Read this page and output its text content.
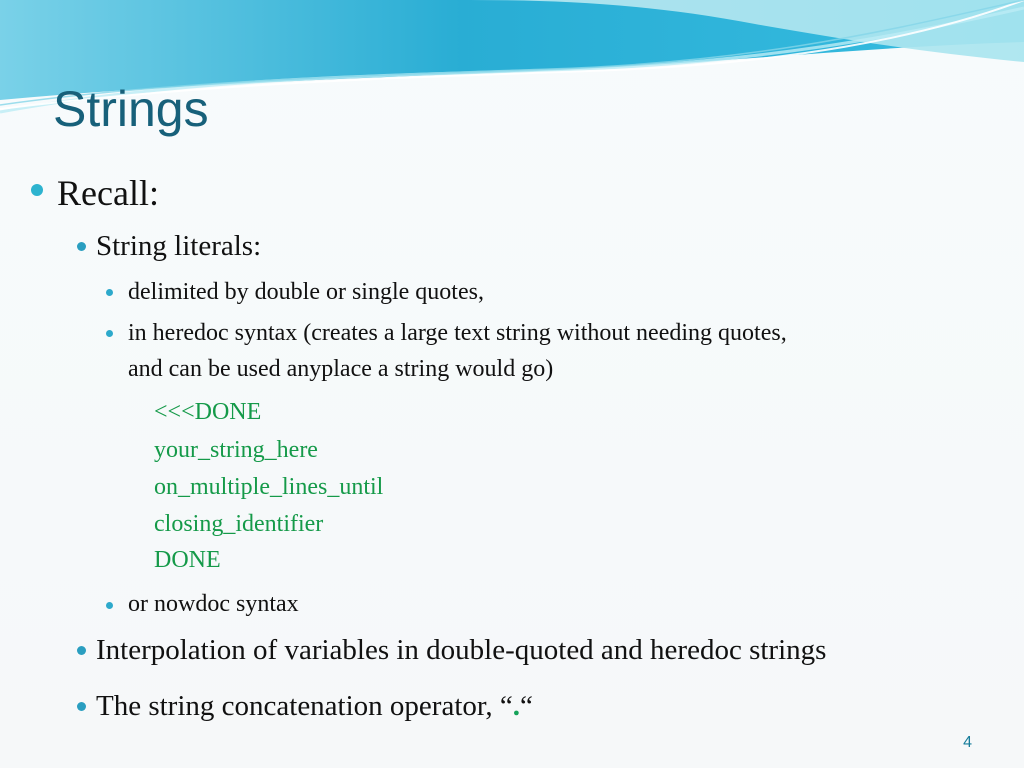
Strings
Recall:
String literals:
delimited by double or single quotes,
in heredoc syntax (creates a large text string without needing quotes,
and can be used anyplace a string would go)
<<<DONE
your_string_here
on_multiple_lines_until
closing_identifier
DONE
or nowdoc syntax
Interpolation of variables in double-quoted and heredoc strings
The string concatenation operator, “.“
4
